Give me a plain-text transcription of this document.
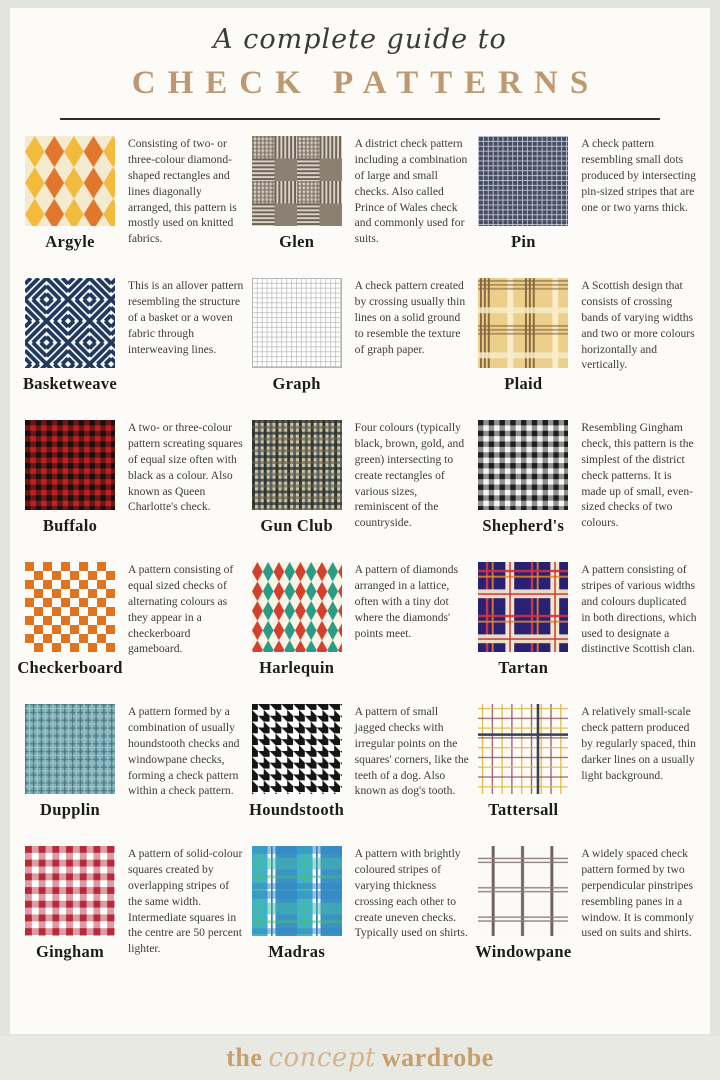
A complete guide to
CHECK PATTERNS
Argyle

Consisting of two- or three-colour diamond-shaped rectangles and lines diagonally arranged, this pattern is mostly used on knitted fabrics.	Glen

A district check pattern including a combination of large and small checks. Also called Prince of Wales check and commonly used for suits.	Pin

A check pattern resembling small dots produced by intersecting pin-sized stripes that are one or two yarns thick.

Basketweave

This is an allover pattern resembling the structure of a basket or a woven fabric through interweaving lines.

Graph

A check pattern created by crossing usually thin lines on a solid ground to resemble the texture of graph paper.

Plaid

A Scottish design that consists of crossing bands of varying widths and two or more colours horizontally and vertically.

Buffalo

A two- or three-colour pattern screating squares of equal size often with black as a colour. Also known as Queen Charlotte's check.

Gun Club

Four colours (typically black, brown, gold, and green) intersecting to create rectangles of various sizes, reminiscent of the countryside.	Shepherd's

Resembling Gingham check, this pattern is the simplest of the district check patterns. It is made up of small, even-sized checks of two colours.

Checkerboard

A pattern consisting of equal sized checks of alternating colours as they appear in a checkerboard gameboard.

Harlequin

A pattern of diamonds arranged in a lattice, often with a tiny dot where the diamonds' points meet.

Tartan

A pattern consisting of stripes of various widths and colours duplicated in both directions, which used to designate a distinctive Scottish clan.

Dupplin

A pattern formed by a combination of usually houndstooth checks and windowpane checks, forming a check pattern within a check pattern.

Houndstooth

A pattern of small jagged checks with irregular points on the squares' corners, like the teeth of a dog. Also known as dog's tooth.

Tattersall

A relatively small-scale check pattern produced by regularly spaced, thin darker lines on a usually light background.

Gingham

A pattern of solid-colour squares created by overlapping stripes of the same width. Intermediate squares in the centre are 50 percent lighter.	Madras

A pattern with brightly coloured stripes of varying thickness crossing each other to create uneven checks. Typically used on shirts.

Windowpane

A widely spaced check pattern formed by two perpendicular pinstripes resembling panes in a window. It is commonly used on suits and shirts.

the concept wardrobe
